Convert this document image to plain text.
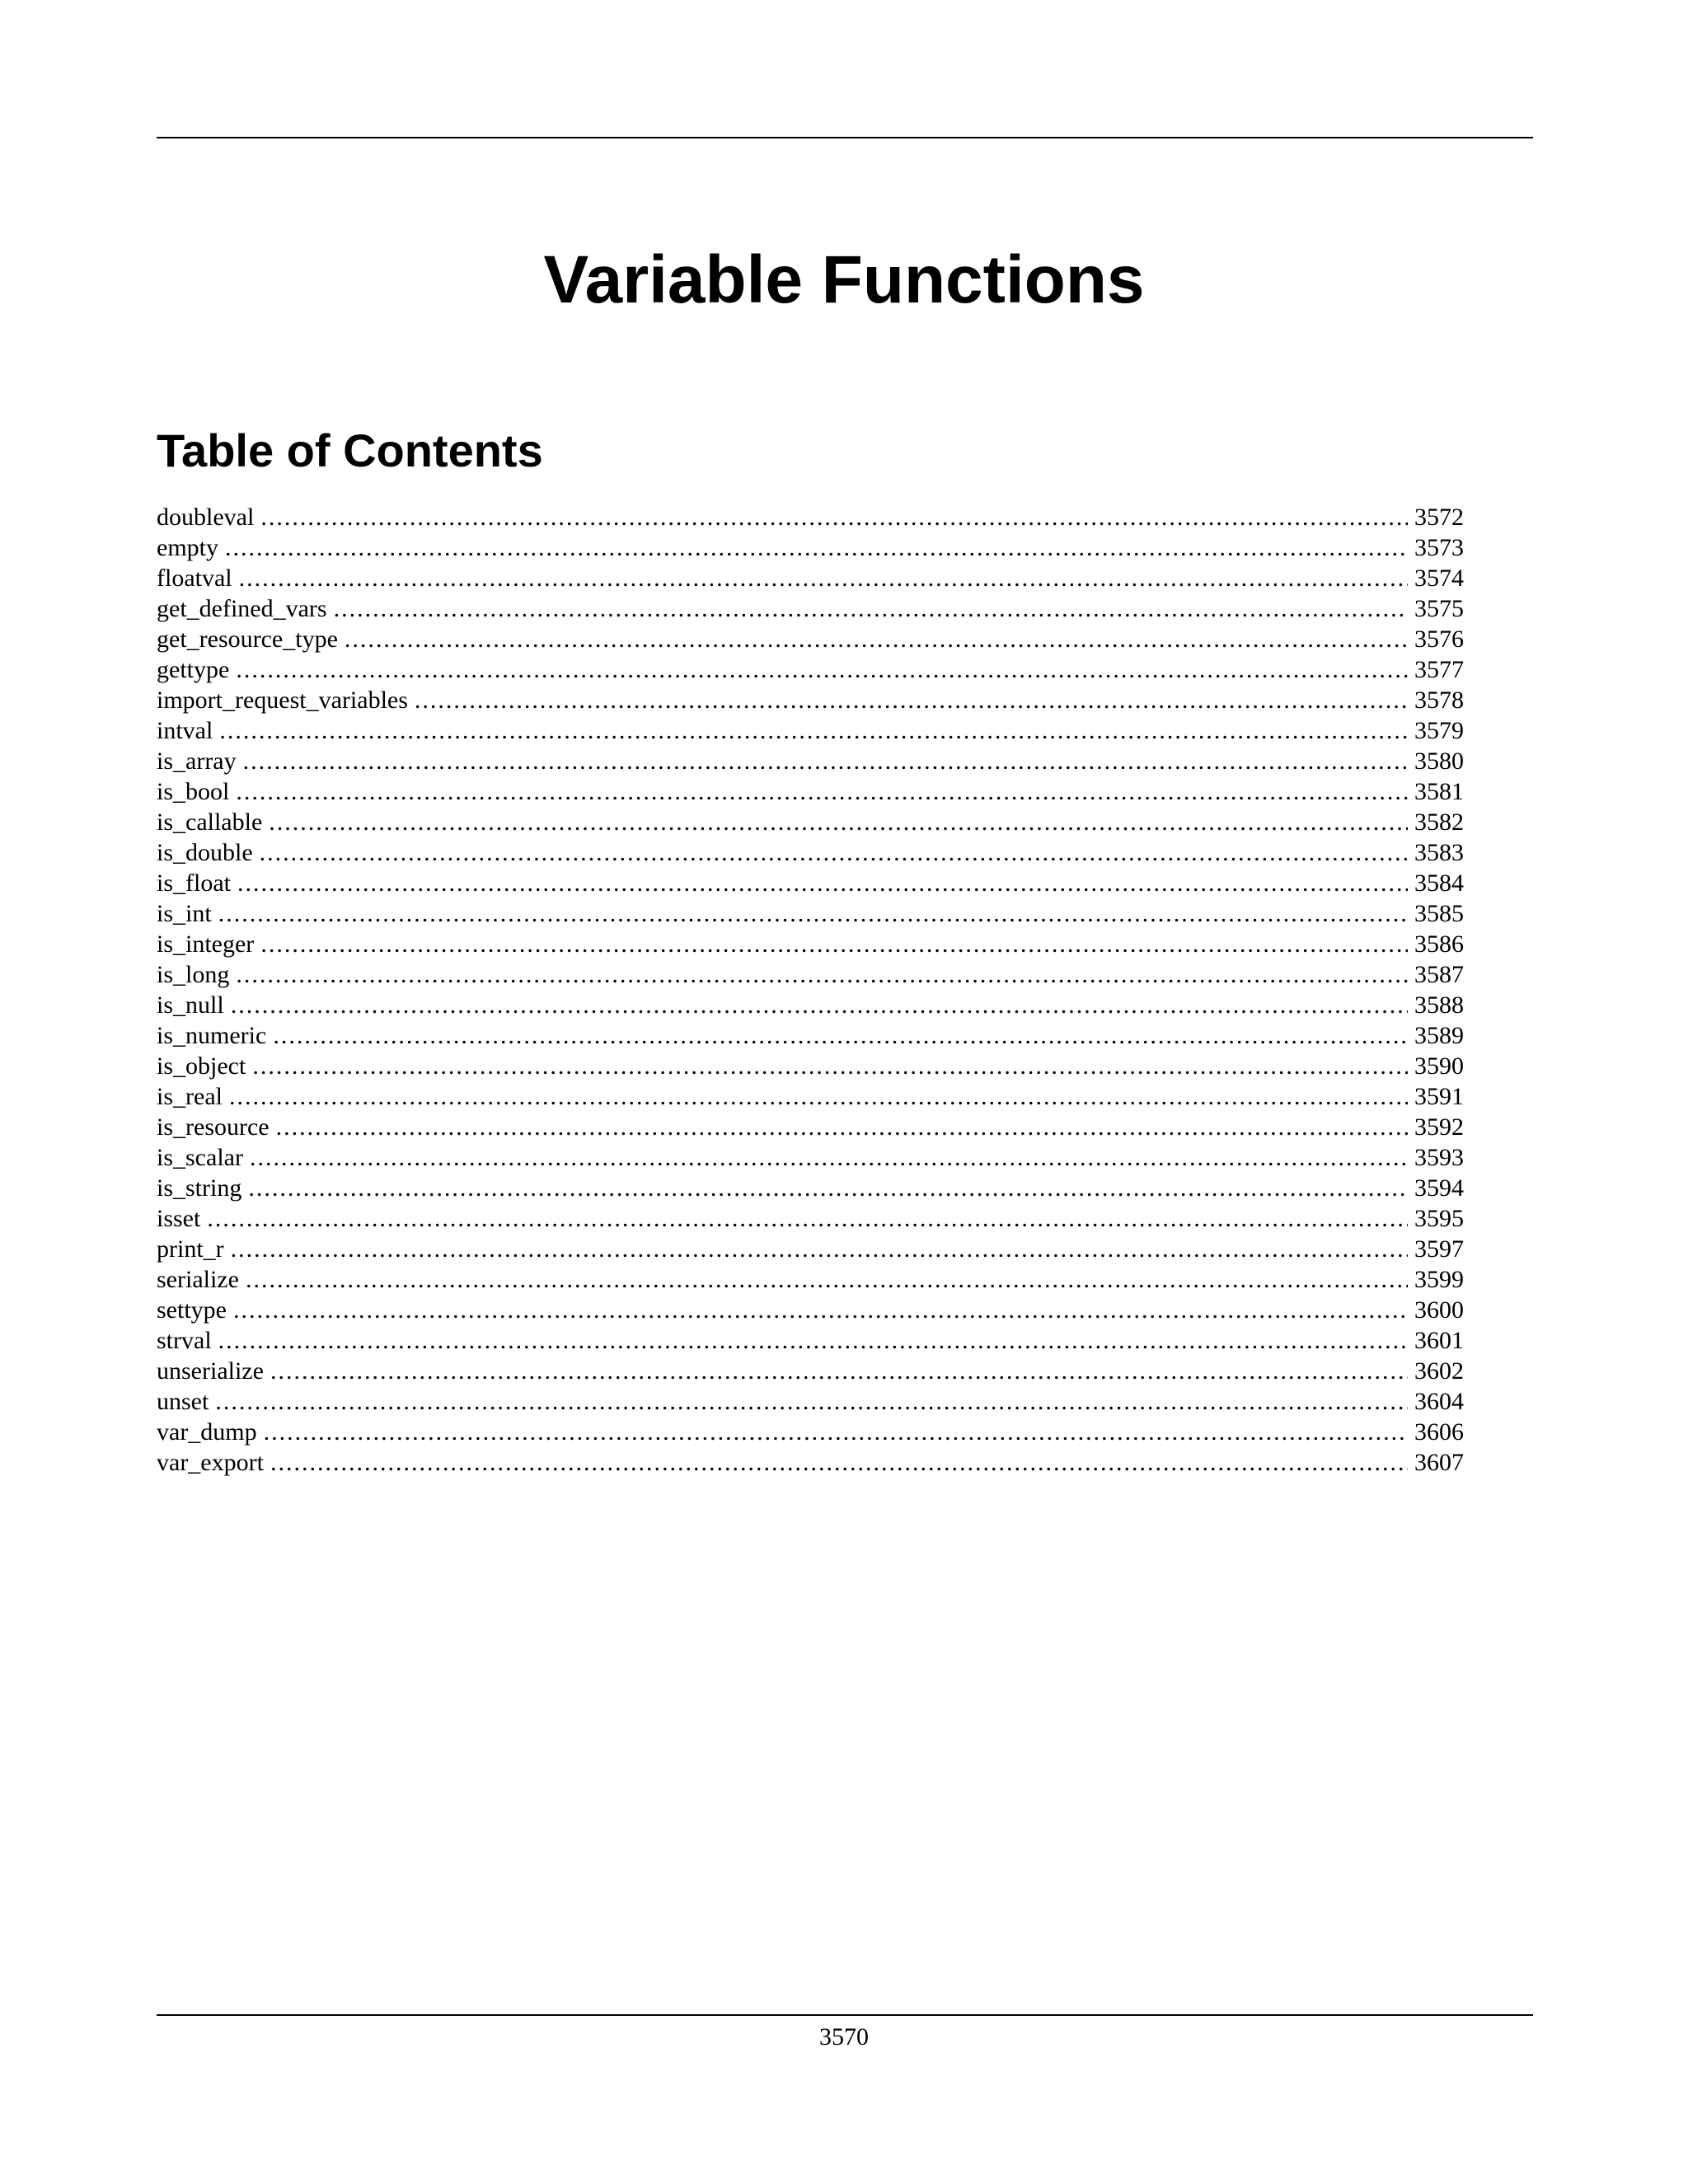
Variable Functions
Table of Contents
doubleval .....	3572
empty .....	3573
floatval .....	3574
get_defined_vars .....	3575
get_resource_type .....	3576
gettype .....	3577
import_request_variables .....	3578
intval .....	3579
is_array .....	3580
is_bool .....	3581
is_callable .....	3582
is_double .....	3583
is_float .....	3584
is_int .....	3585
is_integer .....	3586
is_long .....	3587
is_null .....	3588
is_numeric .....	3589
is_object .....	3590
is_real .....	3591
is_resource .....	3592
is_scalar .....	3593
is_string .....	3594
isset .....	3595
print_r .....	3597
serialize .....	3599
settype .....	3600
strval .....	3601
unserialize .....	3602
unset .....	3604
var_dump .....	3606
var_export .....	3607
3570
